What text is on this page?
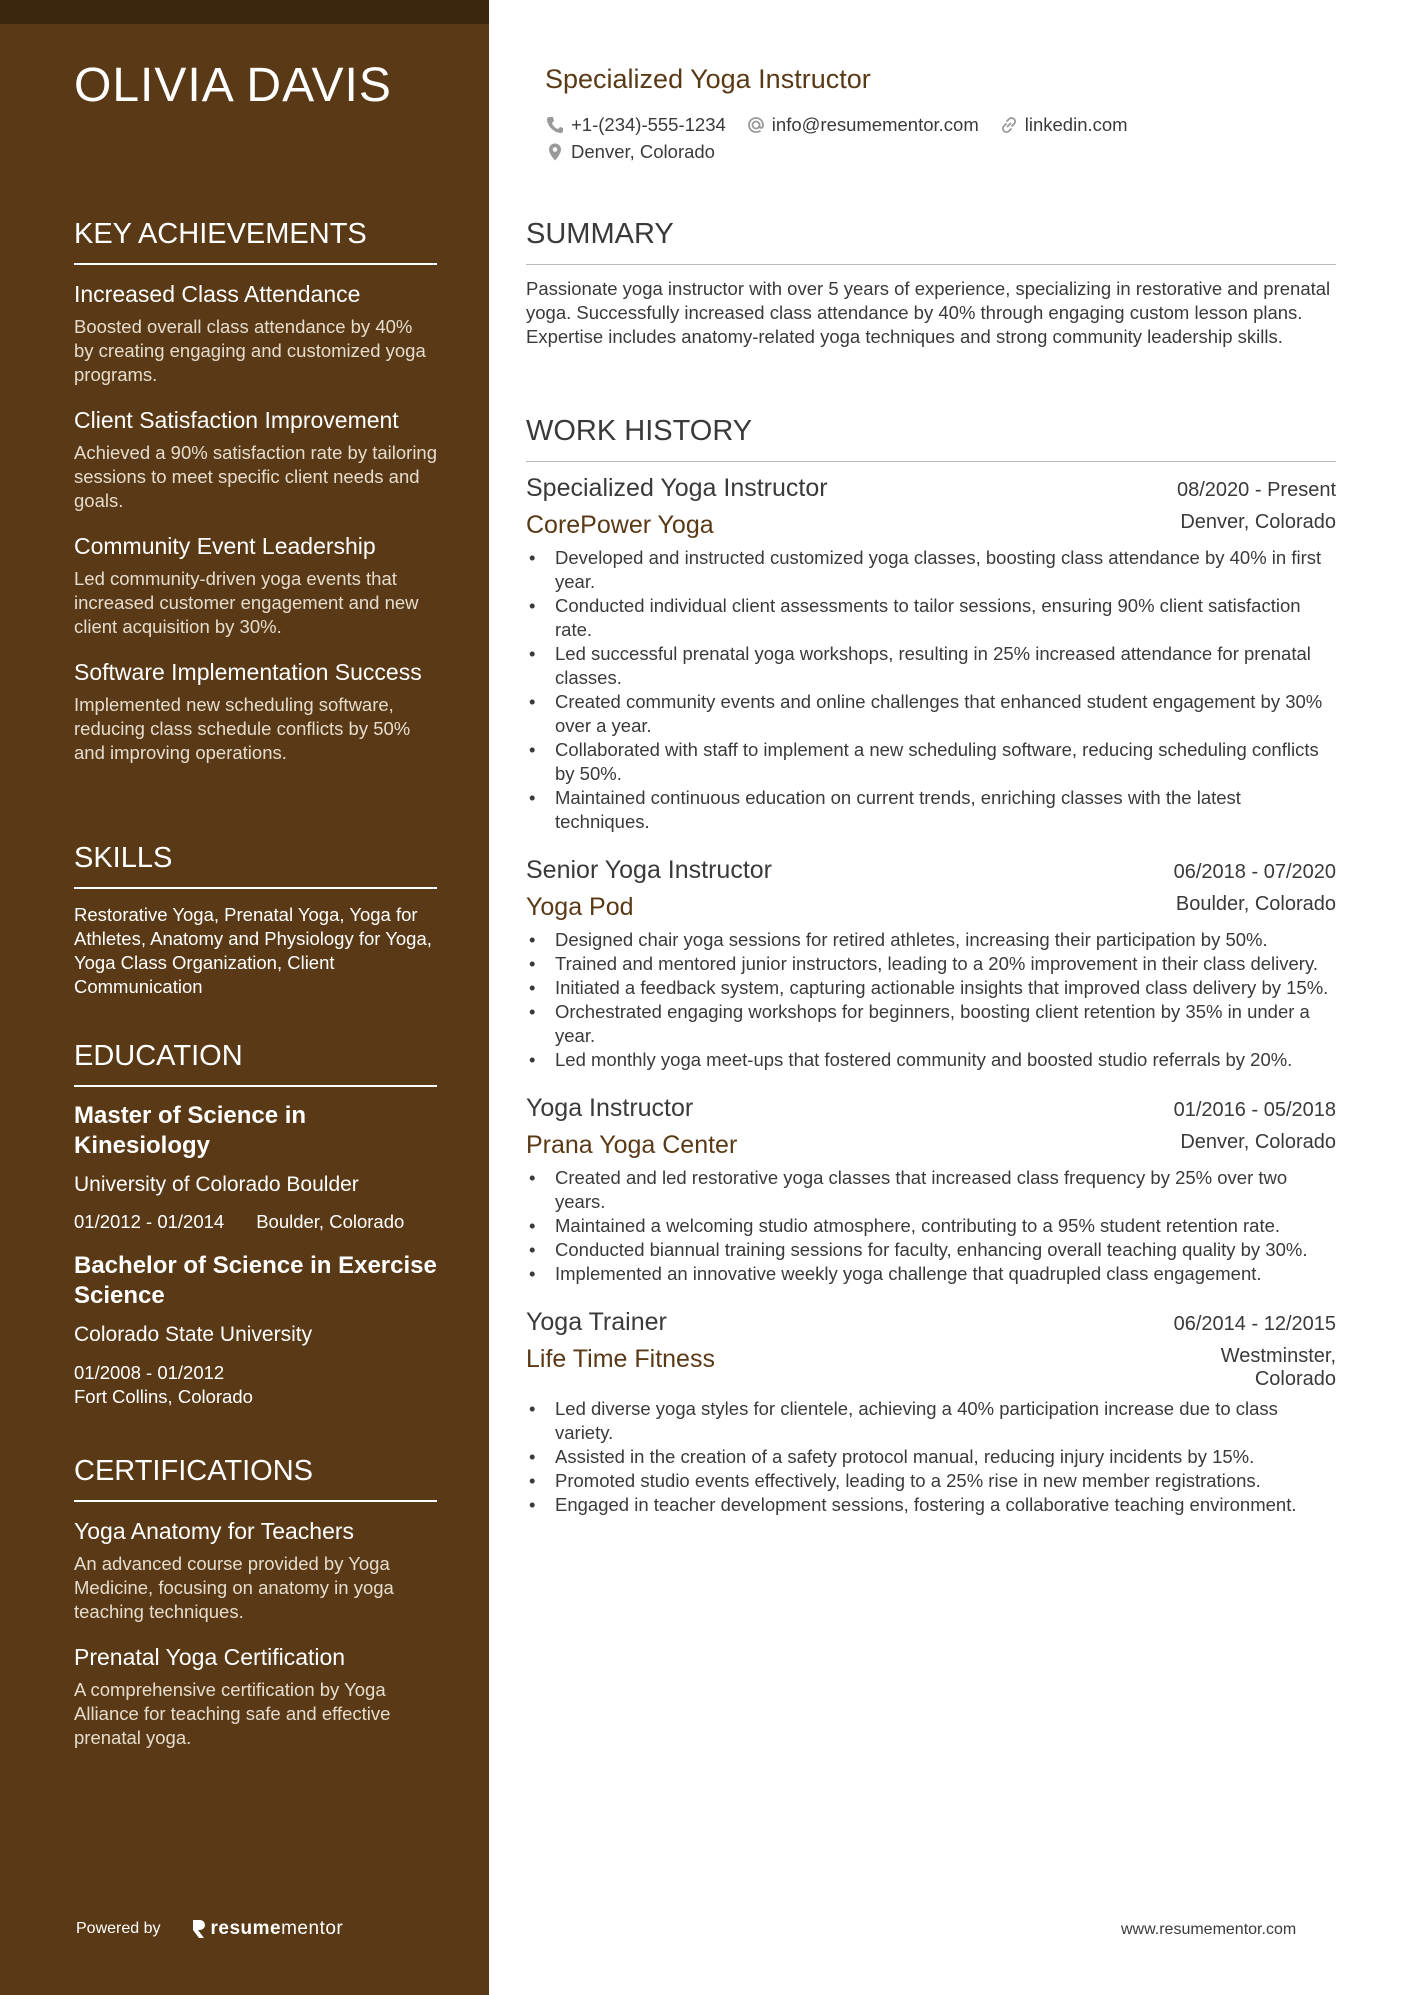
OLIVIA DAVIS
KEY ACHIEVEMENTS
Increased Class Attendance
Boosted overall class attendance by 40% by creating engaging and customized yoga programs.
Client Satisfaction Improvement
Achieved a 90% satisfaction rate by tailoring sessions to meet specific client needs and goals.
Community Event Leadership
Led community-driven yoga events that increased customer engagement and new client acquisition by 30%.
Software Implementation Success
Implemented new scheduling software, reducing class schedule conflicts by 50% and improving operations.
SKILLS
Restorative Yoga, Prenatal Yoga, Yoga for Athletes, Anatomy and Physiology for Yoga, Yoga Class Organization, Client Communication
EDUCATION
Master of Science in Kinesiology
University of Colorado Boulder
01/2012 - 01/2014 Boulder, Colorado
Bachelor of Science in Exercise Science
Colorado State University
01/2008 - 01/2012
Fort Collins, Colorado
CERTIFICATIONS
Yoga Anatomy for Teachers
An advanced course provided by Yoga Medicine, focusing on anatomy in yoga teaching techniques.
Prenatal Yoga Certification
A comprehensive certification by Yoga Alliance for teaching safe and effective prenatal yoga.
Powered by	resume mentor
Specialized Yoga Instructor
+1-(234)-555-1234 info@resumementor.com linkedin.com
Denver, Colorado
SUMMARY
Passionate yoga instructor with over 5 years of experience, specializing in restorative and prenatal yoga. Successfully increased class attendance by 40% through engaging custom lesson plans. Expertise includes anatomy-related yoga techniques and strong community leadership skills.
WORK HISTORY
Specialized Yoga Instructor	08/2020 - Present
CorePower Yoga	Denver, Colorado
• Developed and instructed customized yoga classes, boosting class attendance by 40% in first year.
• Conducted individual client assessments to tailor sessions, ensuring 90% client satisfaction rate.
• Led successful prenatal yoga workshops, resulting in 25% increased attendance for prenatal classes.
• Created community events and online challenges that enhanced student engagement by 30% over a year.
• Collaborated with staff to implement a new scheduling software, reducing scheduling conflicts by 50%.
• Maintained continuous education on current trends, enriching classes with the latest techniques.
Senior Yoga Instructor	06/2018 - 07/2020
Yoga Pod	Boulder, Colorado
• Designed chair yoga sessions for retired athletes, increasing their participation by 50%.
• Trained and mentored junior instructors, leading to a 20% improvement in their class delivery.
• Initiated a feedback system, capturing actionable insights that improved class delivery by 15%.
• Orchestrated engaging workshops for beginners, boosting client retention by 35% in under a year.
• Led monthly yoga meet-ups that fostered community and boosted studio referrals by 20%.
Yoga Instructor	01/2016 - 05/2018
Prana Yoga Center	Denver, Colorado
• Created and led restorative yoga classes that increased class frequency by 25% over two years.
• Maintained a welcoming studio atmosphere, contributing to a 95% student retention rate.
• Conducted biannual training sessions for faculty, enhancing overall teaching quality by 30%.
• Implemented an innovative weekly yoga challenge that quadrupled class engagement.
Yoga Trainer	06/2014 - 12/2015
Life Time Fitness	Westminster, Colorado
• Led diverse yoga styles for clientele, achieving a 40% participation increase due to class variety.
• Assisted in the creation of a safety protocol manual, reducing injury incidents by 15%.
• Promoted studio events effectively, leading to a 25% rise in new member registrations.
• Engaged in teacher development sessions, fostering a collaborative teaching environment.
www.resumementor.com
